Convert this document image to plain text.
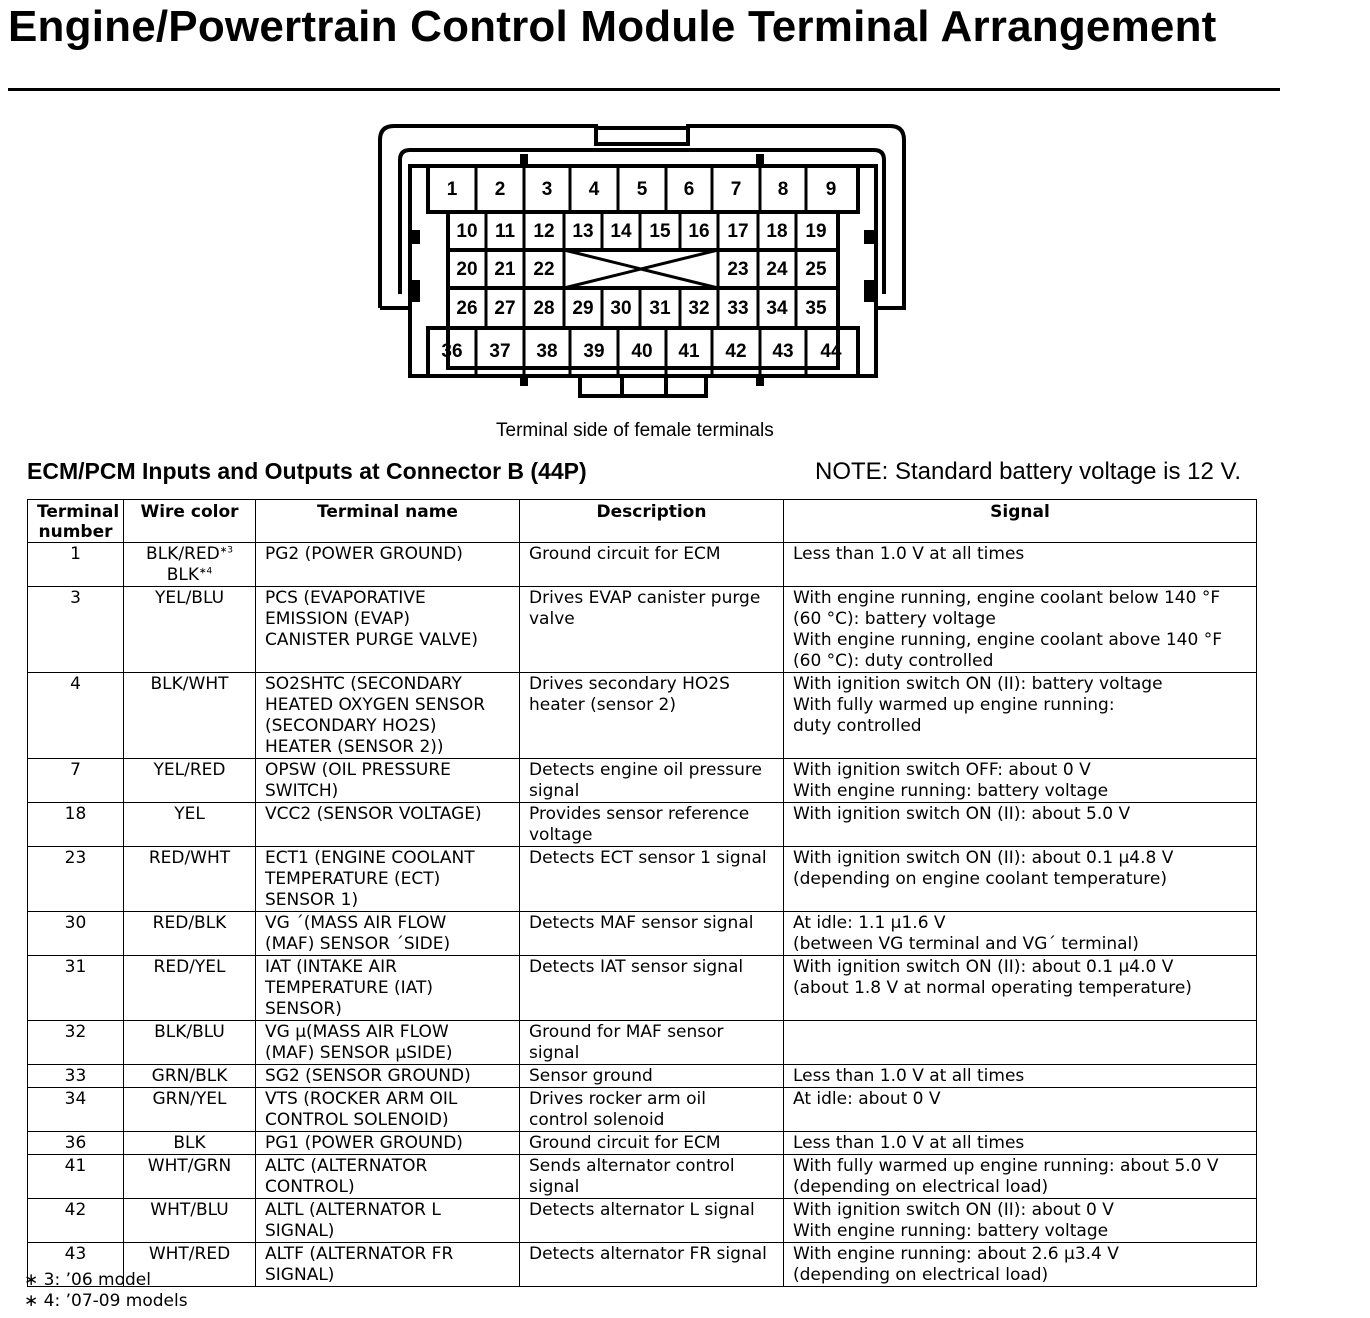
Engine/Powertrain Control Module Terminal Arrangement
1 2 3 4 5 6 7 8 9
10 11 12 13 14 15 16 17 18 19
20 21 22	23 24 25
26 27 28 29 30 31 32 33 34 35
36 37 38 39 40 41 42 43 44
Terminal side of female terminals
ECM/PCM Inputs and Outputs at Connector B (44P)	NOTE: Standard battery voltage is 12 V.
Terminal
number	Wire color	Terminal name	Description	Signal
1	BLK/RED$^{∗3}$
BLK$^{∗4}$	PG2 (POWER GROUND)	Ground circuit for ECM	Less than 1.0 V at all times
3	YEL/BLU	PCS (EVAPORATIVE
EMISSION (EVAP)
CANISTER PURGE VALVE)	Drives EVAP canister purge
valve	With engine running, engine coolant below 140 °F
(60 °C): battery voltage
With engine running, engine coolant above 140 °F
(60 °C): duty controlled
4	BLK/WHT	SO2SHTC (SECONDARY
HEATED OXYGEN SENSOR
(SECONDARY HO2S)
HEATER (SENSOR 2))	Drives secondary HO2S
heater (sensor 2)	With ignition switch ON (II): battery voltage
With fully warmed up engine running:
duty controlled
7	YEL/RED	OPSW (OIL PRESSURE
SWITCH)	Detects engine oil pressure
signal	With ignition switch OFF: about 0 V
With engine running: battery voltage
18	YEL	VCC2 (SENSOR VOLTAGE)	Provides sensor reference
voltage	With ignition switch ON (II): about 5.0 V
23	RED/WHT	ECT1 (ENGINE COOLANT
TEMPERATURE (ECT)
SENSOR 1)	Detects ECT sensor 1 signal	With ignition switch ON (II): about 0.1 μ4.8 V
(depending on engine coolant temperature)
30	RED/BLK	VG ´(MASS AIR FLOW
(MAF) SENSOR ´SIDE)	Detects MAF sensor signal	At idle: 1.1 μ1.6 V
(between VG terminal and VG´ terminal)
31	RED/YEL	IAT (INTAKE AIR
TEMPERATURE (IAT)
SENSOR)	Detects IAT sensor signal	With ignition switch ON (II): about 0.1 μ4.0 V
(about 1.8 V at normal operating temperature)
32	BLK/BLU	VG μ(MASS AIR FLOW
(MAF) SENSOR μSIDE)	Ground for MAF sensor
signal	
33	GRN/BLK	SG2 (SENSOR GROUND)	Sensor ground	Less than 1.0 V at all times
34	GRN/YEL	VTS (ROCKER ARM OIL
CONTROL SOLENOID)	Drives rocker arm oil
control solenoid	At idle: about 0 V
36	BLK	PG1 (POWER GROUND)	Ground circuit for ECM	Less than 1.0 V at all times
41	WHT/GRN	ALTC (ALTERNATOR
CONTROL)	Sends alternator control
signal	With fully warmed up engine running: about 5.0 V
(depending on electrical load)
42	WHT/BLU	ALTL (ALTERNATOR L
SIGNAL)	Detects alternator L signal	With ignition switch ON (II): about 0 V
With engine running: battery voltage
43	WHT/RED	ALTF (ALTERNATOR FR
SIGNAL)	Detects alternator FR signal	With engine running: about 2.6 μ3.4 V
(depending on electrical load)
∗ 3: ’06 model
∗ 4: ’07-09 models
